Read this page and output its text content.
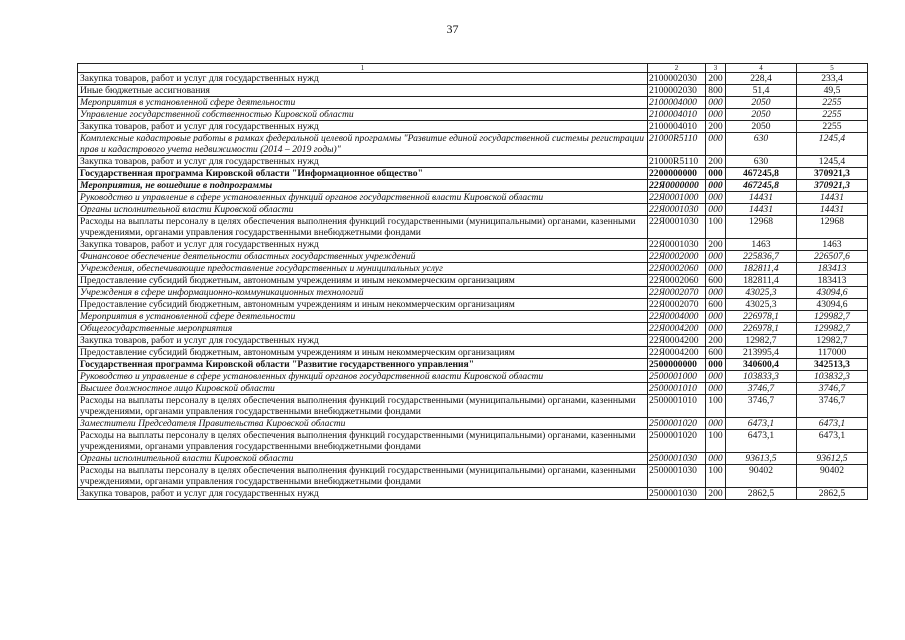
37
1	2	3	4	5
Закупка товаров, работ и услуг для государственных нужд	2100002030	200	228,4	233,4
Иные бюджетные ассигнования	2100002030	800	51,4	49,5
Мероприятия в установленной сфере деятельности	2100004000	000	2050	2255
Управление государственной собственностью Кировской области	2100004010	000	2050	2255
Закупка товаров, работ и услуг для государственных нужд	2100004010	200	2050	2255
Комплексные кадастровые работы в рамках федеральной целевой программы "Развитие единой государственной системы регистрации прав и кадастрового учета недвижимости (2014 – 2019 годы)"	21000R5110	000	630	1245,4
Закупка товаров, работ и услуг для государственных нужд	21000R5110	200	630	1245,4
Государственная программа Кировской области "Информационное общество"	2200000000	000	467245,8	370921,3
Мероприятия, не вошедшие в подпрограммы	22Я0000000	000	467245,8	370921,3
Руководство и управление в сфере установленных функций органов государственной власти Кировской области	22Я0001000	000	14431	14431
Органы исполнительной власти Кировской области	22Я0001030	000	14431	14431
Расходы на выплаты персоналу в целях обеспечения выполнения функций государственными (муниципальными) органами, казенными учреждениями, органами управления государственными внебюджетными фондами	22Я0001030	100	12968	12968
Закупка товаров, работ и услуг для государственных нужд	22Я0001030	200	1463	1463
Финансовое обеспечение деятельности областных государственных учреждений	22Я0002000	000	225836,7	226507,6
Учреждения, обеспечивающие предоставление государственных и муниципальных услуг	22Я0002060	000	182811,4	183413
Предоставление субсидий бюджетным, автономным учреждениям и иным некоммерческим организациям	22Я0002060	600	182811,4	183413
Учреждения в сфере информационно-коммуникационных технологий	22Я0002070	000	43025,3	43094,6
Предоставление субсидий бюджетным, автономным учреждениям и иным некоммерческим организациям	22Я0002070	600	43025,3	43094,6
Мероприятия в установленной сфере деятельности	22Я0004000	000	226978,1	129982,7
Общегосударственные мероприятия	22Я0004200	000	226978,1	129982,7
Закупка товаров, работ и услуг для государственных нужд	22Я0004200	200	12982,7	12982,7
Предоставление субсидий бюджетным, автономным учреждениям и иным некоммерческим организациям	22Я0004200	600	213995,4	117000
Государственная программа Кировской области "Развитие государственного управления"	2500000000	000	340600,4	342513,3
Руководство и управление в сфере установленных функций органов государственной власти Кировской области	2500001000	000	103833,3	103832,3
Высшее должностное лицо Кировской области	2500001010	000	3746,7	3746,7
Расходы на выплаты персоналу в целях обеспечения выполнения функций государственными (муниципальными) органами, казенными учреждениями, органами управления государственными внебюджетными фондами	2500001010	100	3746,7	3746,7
Заместители Председателя Правительства Кировской области	2500001020	000	6473,1	6473,1
Расходы на выплаты персоналу в целях обеспечения выполнения функций государственными (муниципальными) органами, казенными учреждениями, органами управления государственными внебюджетными фондами	2500001020	100	6473,1	6473,1
Органы исполнительной власти Кировской области	2500001030	000	93613,5	93612,5
Расходы на выплаты персоналу в целях обеспечения выполнения функций государственными (муниципальными) органами, казенными учреждениями, органами управления государственными внебюджетными фондами	2500001030	100	90402	90402
Закупка товаров, работ и услуг для государственных нужд	2500001030	200	2862,5	2862,5
